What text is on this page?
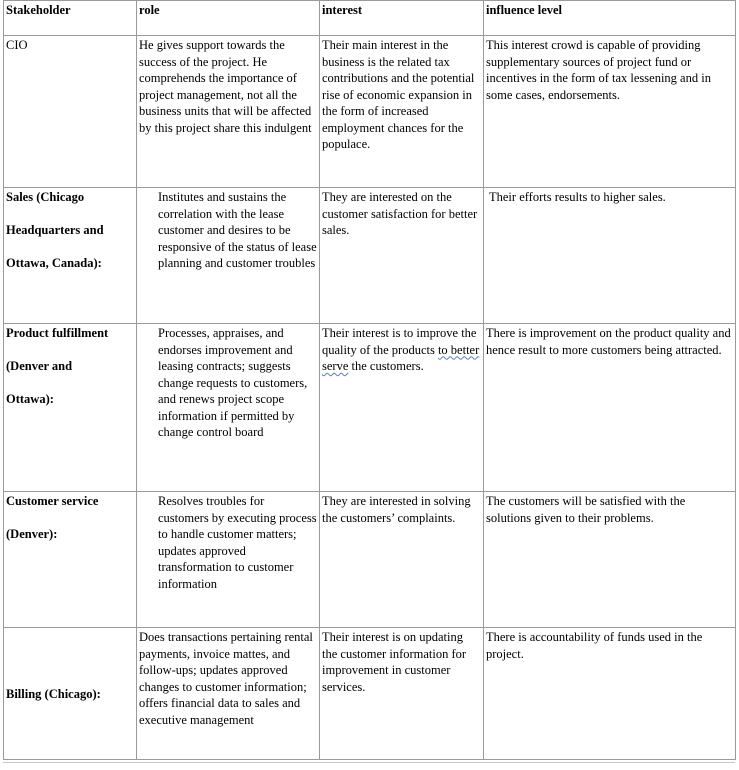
Stakeholder	role	interest	influence level
CIO	He gives support towards the success of the project. He comprehends the importance of project management, not all the business units that will be affected by this project share this indulgent	Their main interest in the business is the related tax contributions and the potential rise of economic expansion in the form of increased employment chances for the populace.	This interest crowd is capable of providing supplementary sources of project fund or incentives in the form of tax lessening and in some cases, endorsements.

Sales (Chicago
Headquarters and
Ottawa, Canada):	Institutes and sustains the correlation with the lease customer and desires to be responsive of the status of lease planning and customer troubles	They are interested on the customer satisfaction for better sales.	Their efforts results to higher sales.

Product fulfillment
(Denver and
Ottawa):	Processes, appraises, and endorses improvement and leasing contracts; suggests change requests to customers, and renews project scope information if permitted by change control board	Their interest is to improve the quality of the products to better serve the customers.	There is improvement on the product quality and hence result to more customers being attracted.

Customer service
(Denver):	Resolves troubles for customers by executing process to handle customer matters; updates approved transformation to customer information	They are interested in solving the customers’ complaints.	The customers will be satisfied with the solutions given to their problems.
Billing (Chicago):	Does transactions pertaining rental payments, invoice mattes, and follow-ups; updates approved changes to customer information; offers financial data to sales and executive management	Their interest is on updating the customer information for improvement in customer services.	There is accountability of funds used in the project.
